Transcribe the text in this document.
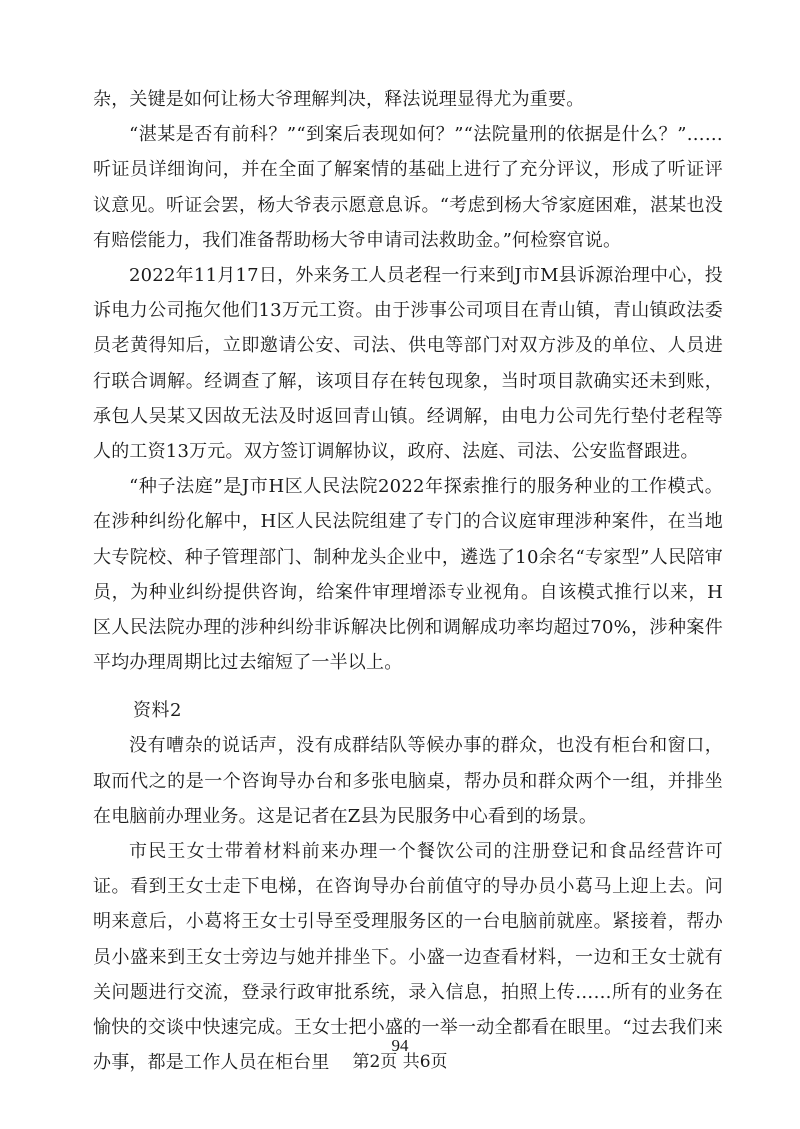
杂，关键是如何让杨大爷理解判决，释法说理显得尤为重要。

“湛某是否有前科？”“到案后表现如何？”“法院量刑的依据是什么？”……听证员详细询问，并在全面了解案情的基础上进行了充分评议，形成了听证评议意见。听证会罢，杨大爷表示愿意息诉。“考虑到杨大爷家庭困难，湛某也没有赔偿能力，我们准备帮助杨大爷申请司法救助金。”何检察官说。

2022年11月17日，外来务工人员老程一行来到J市M县诉源治理中心，投诉电力公司拖欠他们13万元工资。由于涉事公司项目在青山镇，青山镇政法委员老黄得知后，立即邀请公安、司法、供电等部门对双方涉及的单位、人员进行联合调解。经调查了解，该项目存在转包现象，当时项目款确实还未到账，承包人吴某又因故无法及时返回青山镇。经调解，由电力公司先行垫付老程等人的工资13万元。双方签订调解协议，政府、法庭、司法、公安监督跟进。

“种子法庭”是J市H区人民法院2022年探索推行的服务种业的工作模式。在涉种纠纷化解中，H区人民法院组建了专门的合议庭审理涉种案件，在当地大专院校、种子管理部门、制种龙头企业中，遴选了10余名“专家型”人民陪审员，为种业纠纷提供咨询，给案件审理增添专业视角。自该模式推行以来，H区人民法院办理的涉种纠纷非诉解决比例和调解成功率均超过70%，涉种案件平均办理周期比过去缩短了一半以上。

资料2

没有嘈杂的说话声，没有成群结队等候办事的群众，也没有柜台和窗口，取而代之的是一个咨询导办台和多张电脑桌，帮办员和群众两个一组，并排坐在电脑前办理业务。这是记者在Z县为民服务中心看到的场景。

市民王女士带着材料前来办理一个餐饮公司的注册登记和食品经营许可证。看到王女士走下电梯，在咨询导办台前值守的导办员小葛马上迎上去。问明来意后，小葛将王女士引导至受理服务区的一台电脑前就座。紧接着，帮办员小盛来到王女士旁边与她并排坐下。小盛一边查看材料，一边和王女士就有关问题进行交流，登录行政审批系统，录入信息，拍照上传……所有的业务在愉快的交谈中快速完成。王女士把小盛的一举一动全都看在眼里。“过去我们来办事，都是工作人员在柜台里

94
第2页 共6页
